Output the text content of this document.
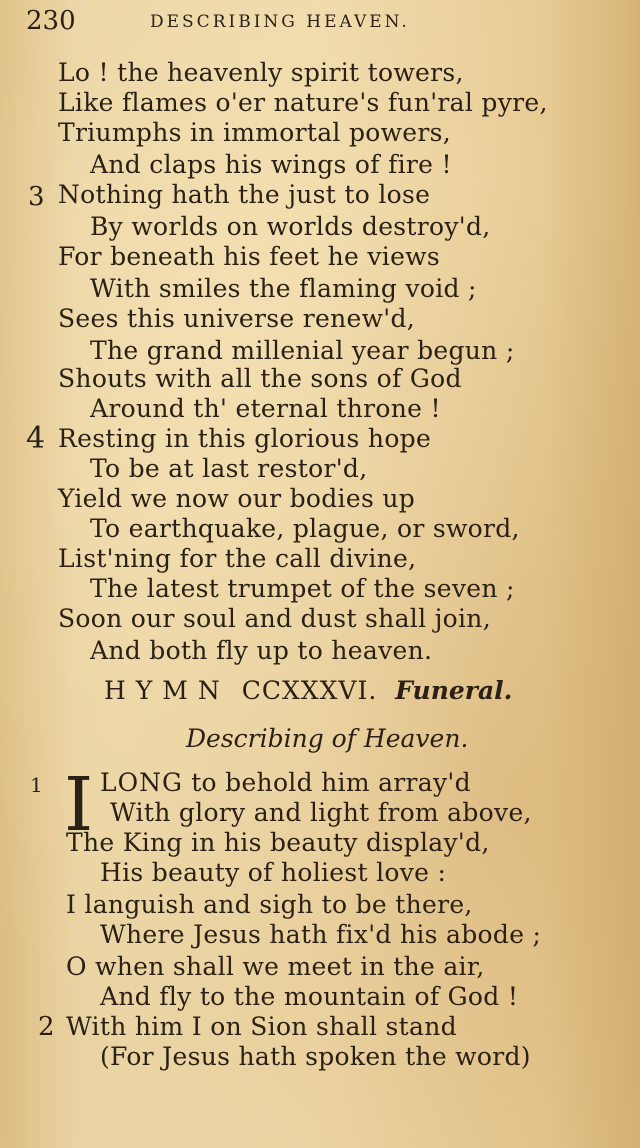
230	DESCRIBING HEAVEN.
Lo ! the heavenly spirit towers,
Like flames o'er nature's fun'ral pyre,
Triumphs in immortal powers,
And claps his wings of fire !
3 Nothing hath the just to lose
By worlds on worlds destroy'd,
For beneath his feet he views
With smiles the flaming void ;
Sees this universe renew'd,
The grand millenial year begun ;
Shouts with all the sons of God
Around th' eternal throne !
4 Resting in this glorious hope
To be at last restor'd,
Yield we now our bodies up
To earthquake, plague, or sword,
List'ning for the call divine,
The latest trumpet of the seven ;
Soon our soul and dust shall join,
And both fly up to heaven.
HYMN CCXXXVI. Funeral.
Describing of Heaven.
1 I LONG to behold him array'd
With glory and light from above,
The King in his beauty display'd,
His beauty of holiest love :
I languish and sigh to be there,
Where Jesus hath fix'd his abode ;
O when shall we meet in the air,
And fly to the mountain of God !
2 With him I on Sion shall stand
(For Jesus hath spoken the word)
